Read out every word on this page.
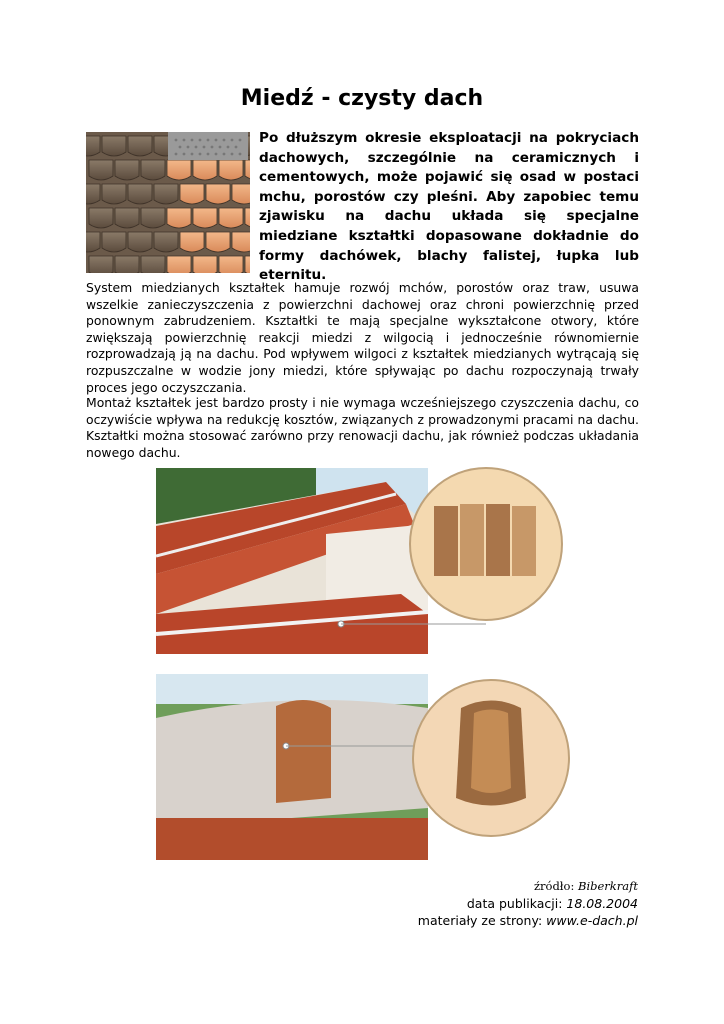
Miedź - czysty dach
Po dłuższym okresie eksploatacji na pokryciach dachowych, szczególnie na ceramicznych i cementowych, może pojawić się osad w postaci mchu, porostów czy pleśni. Aby zapobiec temu zjawisku na dachu układa się specjalne miedziane kształtki dopasowane dokładnie do formy dachówek, blachy falistej, łupka lub eternitu.
System miedzianych kształtek hamuje rozwój mchów, porostów oraz traw, usuwa wszelkie zanieczyszczenia z powierzchni dachowej oraz chroni powierzchnię przed ponownym zabrudzeniem. Kształtki te mają specjalne wykształcone otwory, które zwiększają powierzchnię reakcji miedzi z wilgocią i jednocześnie równomiernie rozprowadzają ją na dachu. Pod wpływem wilgoci z kształtek miedzianych wytrącają się rozpuszczalne w wodzie jony miedzi, które spływając po dachu rozpoczynają trwały proces jego oczyszczania.
Montaż kształtek jest bardzo prosty i nie wymaga wcześniejszego czyszczenia dachu, co oczywiście wpływa na redukcję kosztów, związanych z prowadzonymi pracami na dachu. Kształtki można stosować zarówno przy renowacji dachu, jak również podczas układania nowego dachu.
źródło: Biberkraft
data publikacji: 18.08.2004
materiały ze strony: www.e-dach.pl
